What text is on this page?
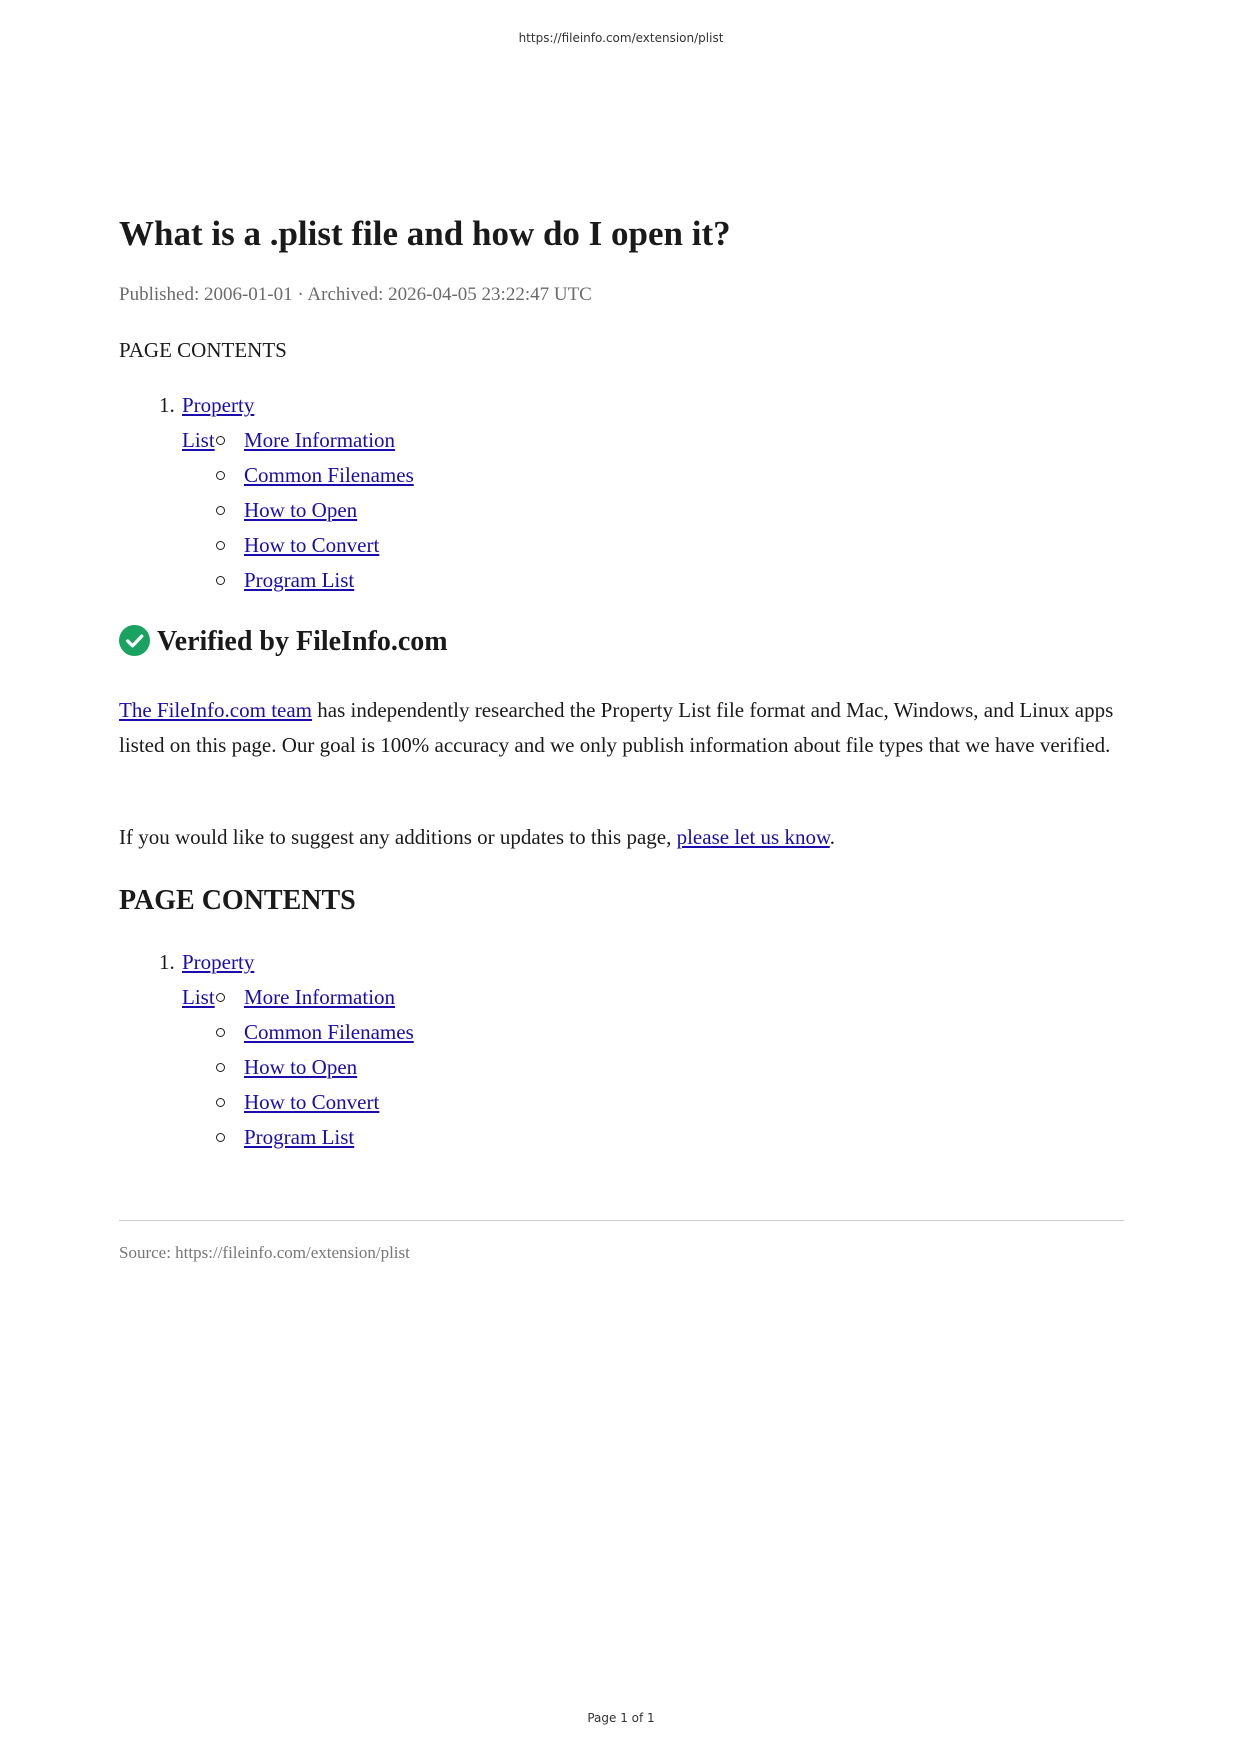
https://fileinfo.com/extension/plist
What is a .plist file and how do I open it?
Published: 2006-01-01 · Archived: 2026-04-05 23:22:47 UTC
PAGE CONTENTS
1. Property List	More Information
Common Filenames
How to Open
How to Convert
Program List
Verified by FileInfo.com

The FileInfo.com team has independently researched the Property List file format and Mac, Windows, and Linux apps listed on this page. Our goal is 100% accuracy and we only publish information about file types that we have verified.

If you would like to suggest any additions or updates to this page, please let us know.

PAGE CONTENTS
1. Property List	More Information
Common Filenames
How to Open
How to Convert
Program List
Source: https://fileinfo.com/extension/plist
Page 1 of 1
